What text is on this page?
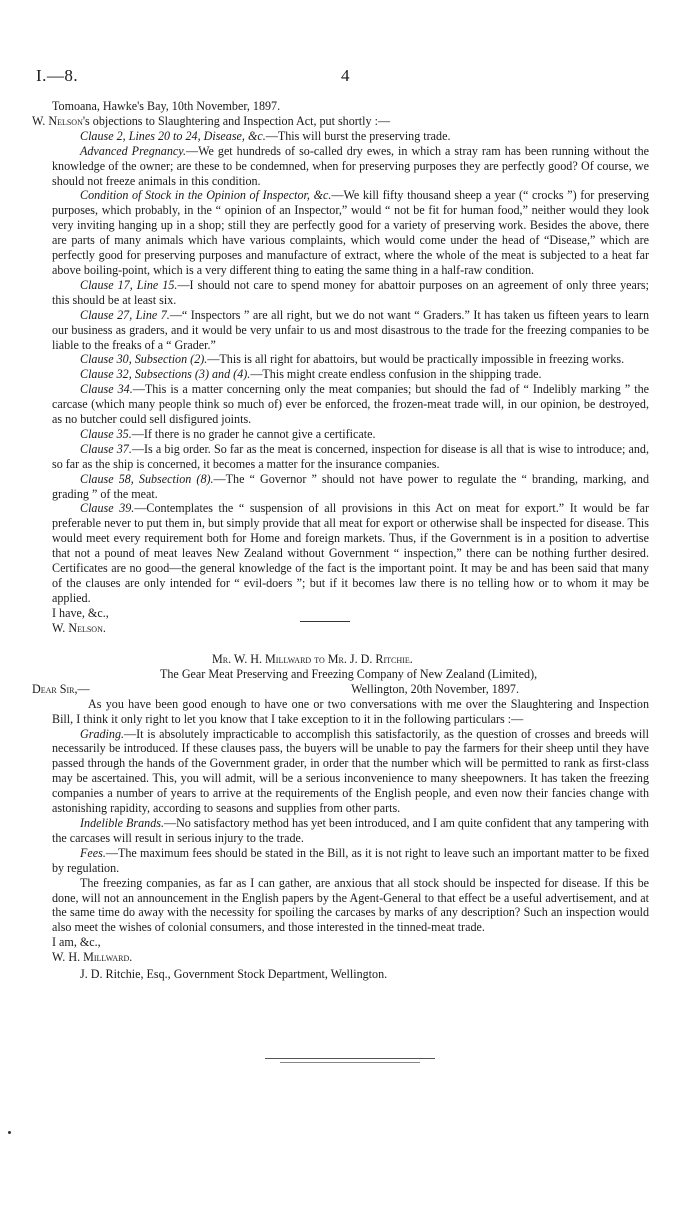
I.—8.	4

Tomoana, Hawke's Bay, 10th November, 1897.

W. Nelson's objections to Slaughtering and Inspection Act, put shortly :—

Clause 2, Lines 20 to 24, Disease, &c.—This will burst the preserving trade.

Advanced Pregnancy.—We get hundreds of so-called dry ewes, in which a stray ram has been running without the knowledge of the owner; are these to be condemned, when for preserving purposes they are perfectly good? Of course, we should not freeze animals in this condition.

Condition of Stock in the Opinion of Inspector, &c.—We kill fifty thousand sheep a year (“ crocks ”) for preserving purposes, which probably, in the “ opinion of an Inspector,” would “ not be fit for human food,” neither would they look very inviting hanging up in a shop; still they are perfectly good for a variety of preserving work. Besides the above, there are parts of many animals which have various complaints, which would come under the head of “Disease,” which are perfectly good for preserving purposes and manufacture of extract, where the whole of the meat is subjected to a heat far above boiling-point, which is a very different thing to eating the same thing in a half-raw condition.

Clause 17, Line 15.—I should not care to spend money for abattoir purposes on an agreement of only three years; this should be at least six.

Clause 27, Line 7.—“ Inspectors ” are all right, but we do not want “ Graders.” It has taken us fifteen years to learn our business as graders, and it would be very unfair to us and most disastrous to the trade for the freezing companies to be liable to the freaks of a “ Grader.”

Clause 30, Subsection (2).—This is all right for abattoirs, but would be practically impossible in freezing works.

Clause 32, Subsections (3) and (4).—This might create endless confusion in the shipping trade.

Clause 34.—This is a matter concerning only the meat companies; but should the fad of “ Indelibly marking ” the carcase (which many people think so much of) ever be enforced, the frozen-meat trade will, in our opinion, be destroyed, as no butcher could sell disfigured joints.

Clause 35.—If there is no grader he cannot give a certificate.

Clause 37.—Is a big order. So far as the meat is concerned, inspection for disease is all that is wise to introduce; and, so far as the ship is concerned, it becomes a matter for the insurance companies.

Clause 58, Subsection (8).—The “ Governor ” should not have power to regulate the “ branding, marking, and grading ” of the meat.

Clause 39.—Contemplates the “ suspension of all provisions in this Act on meat for export.” It would be far preferable never to put them in, but simply provide that all meat for export or otherwise shall be inspected for disease. This would meet every requirement both for Home and foreign markets. Thus, if the Government is in a position to advertise that not a pound of meat leaves New Zealand without Government “ inspection,” there can be nothing further desired. Certificates are no good—the general knowledge of the fact is the important point. It may be and has been said that many of the clauses are only intended for “ evil-doers ”; but if it becomes law there is no telling how or to whom it may be applied.

I have, &c.,

W. Nelson.

Mr. W. H. Millward to Mr. J. D. Ritchie.

The Gear Meat Preserving and Freezing Company of New Zealand (Limited),

Dear Sir,—	Wellington, 20th November, 1897.

As you have been good enough to have one or two conversations with me over the Slaughtering and Inspection Bill, I think it only right to let you know that I take exception to it in the following particulars :—

Grading.—It is absolutely impracticable to accomplish this satisfactorily, as the question of crosses and breeds will necessarily be introduced. If these clauses pass, the buyers will be unable to pay the farmers for their sheep until they have passed through the hands of the Government grader, in order that the number which will be permitted to rank as first-class may be ascertained. This, you will admit, will be a serious inconvenience to many sheepowners. It has taken the freezing companies a number of years to arrive at the requirements of the English people, and even now their fancies change with astonishing rapidity, according to seasons and supplies from other parts.

Indelible Brands.—No satisfactory method has yet been introduced, and I am quite confident that any tampering with the carcases will result in serious injury to the trade.

Fees.—The maximum fees should be stated in the Bill, as it is not right to leave such an important matter to be fixed by regulation.

The freezing companies, as far as I can gather, are anxious that all stock should be inspected for disease. If this be done, will not an announcement in the English papers by the Agent-General to that effect be a useful advertisement, and at the same time do away with the necessity for spoiling the carcases by marks of any description? Such an inspection would also meet the wishes of colonial consumers, and those interested in the tinned-meat trade.

I am, &c.,

W. H. Millward.

J. D. Ritchie, Esq., Government Stock Department, Wellington.
